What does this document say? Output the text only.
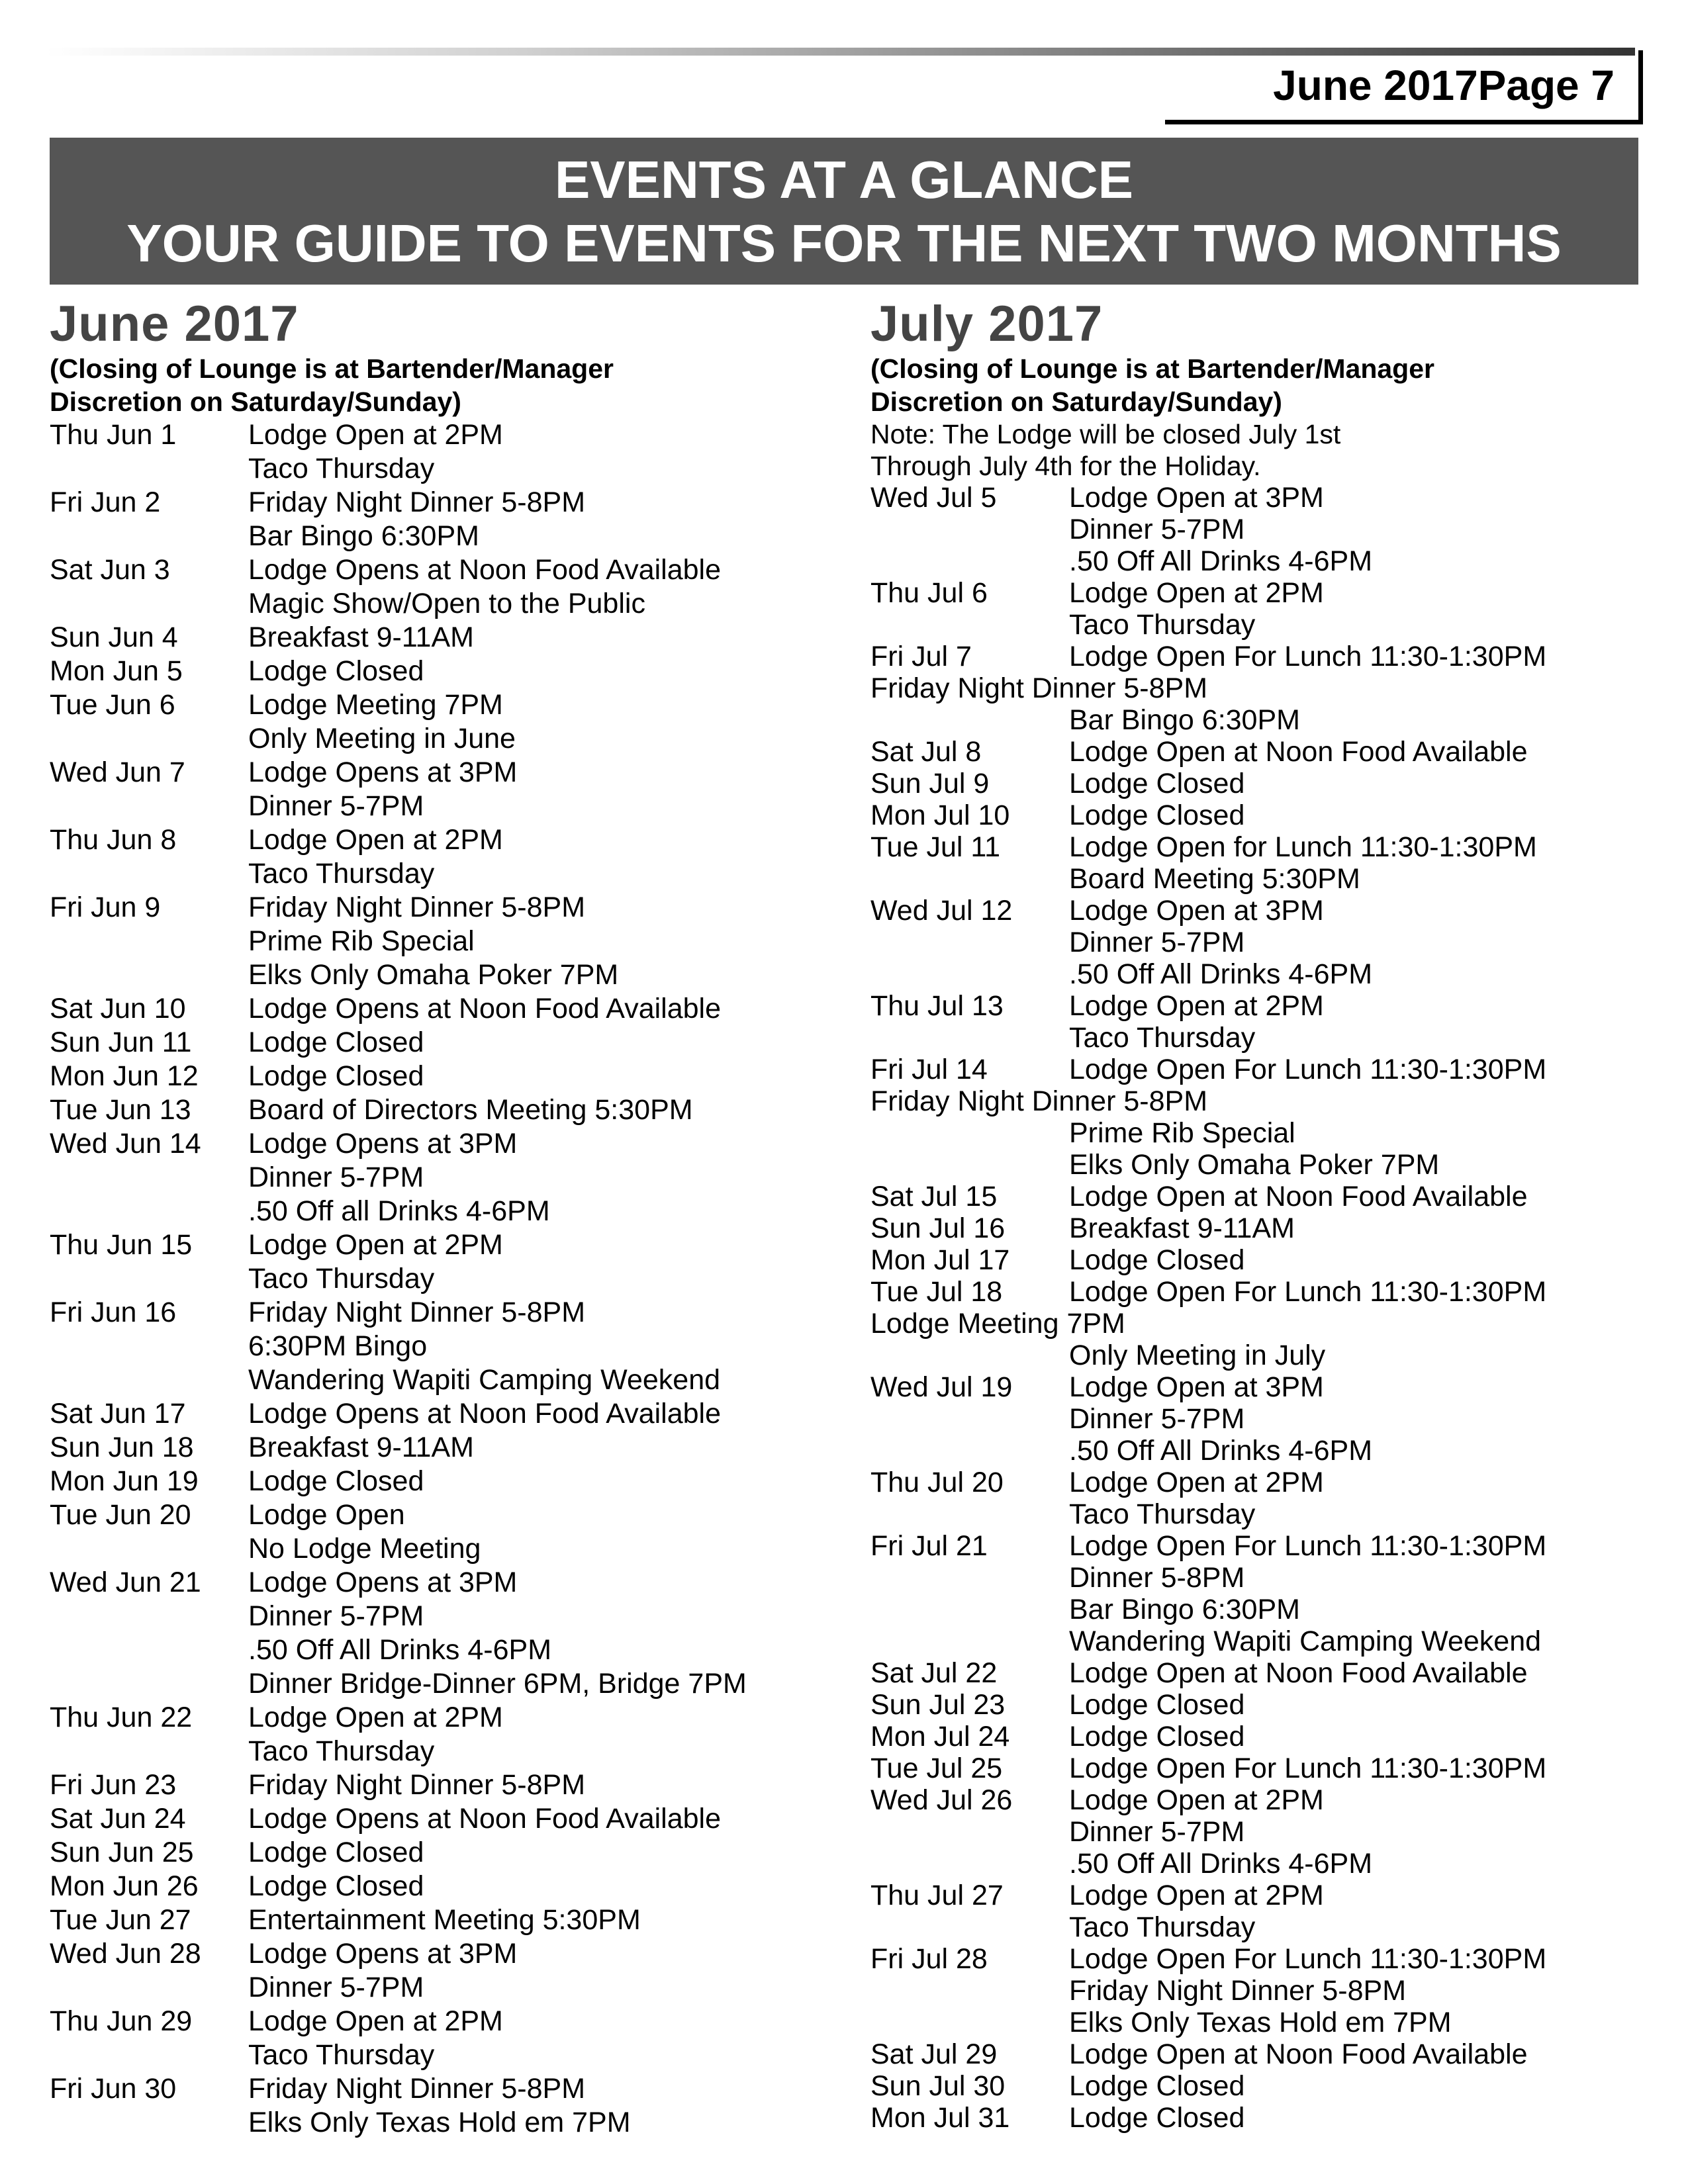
June 2017 Page 7
EVENTS AT A GLANCE
YOUR GUIDE TO EVENTS FOR THE NEXT TWO MONTHS
June 2017
(Closing of Lounge is at Bartender/Manager
Discretion on Saturday/Sunday)
Thu Jun 1	Lodge Open at 2PM
Taco Thursday
Fri Jun 2	Friday Night Dinner 5-8PM
Bar Bingo 6:30PM
Sat Jun 3	Lodge Opens at Noon Food Available
Magic Show/Open to the Public
Sun Jun 4	Breakfast 9-11AM
Mon Jun 5	Lodge Closed
Tue Jun 6	Lodge Meeting 7PM
Only Meeting in June
Wed Jun 7	Lodge Opens at 3PM
Dinner 5-7PM
Thu Jun 8	Lodge Open at 2PM
Taco Thursday
Fri Jun 9	Friday Night Dinner 5-8PM
Prime Rib Special
Elks Only Omaha Poker 7PM
Sat Jun 10	Lodge Opens at Noon Food Available
Sun Jun 11	Lodge Closed
Mon Jun 12	Lodge Closed
Tue Jun 13	Board of Directors Meeting 5:30PM
Wed Jun 14	Lodge Opens at 3PM
Dinner 5-7PM
.50 Off all Drinks 4-6PM
Thu Jun 15	Lodge Open at 2PM
Taco Thursday
Fri Jun 16	Friday Night Dinner 5-8PM
6:30PM Bingo
Wandering Wapiti Camping Weekend
Sat Jun 17	Lodge Opens at Noon Food Available
Sun Jun 18	Breakfast 9-11AM
Mon Jun 19	Lodge Closed
Tue Jun 20	Lodge Open
No Lodge Meeting
Wed Jun 21	Lodge Opens at 3PM
Dinner 5-7PM
.50 Off All Drinks 4-6PM
Dinner Bridge-Dinner 6PM, Bridge 7PM
Thu Jun 22	Lodge Open at 2PM
Taco Thursday
Fri Jun 23	Friday Night Dinner 5-8PM
Sat Jun 24	Lodge Opens at Noon Food Available
Sun Jun 25	Lodge Closed
Mon Jun 26	Lodge Closed
Tue Jun 27	Entertainment Meeting 5:30PM
Wed Jun 28	Lodge Opens at 3PM
Dinner 5-7PM
Thu Jun 29	Lodge Open at 2PM
Taco Thursday
Fri Jun 30	Friday Night Dinner 5-8PM
Elks Only Texas Hold em 7PM
July 2017
(Closing of Lounge is at Bartender/Manager
Discretion on Saturday/Sunday)
Note: The Lodge will be closed July 1st
Through July 4th for the Holiday.
Wed Jul 5	Lodge Open at 3PM
Dinner 5-7PM
.50 Off All Drinks 4-6PM
Thu Jul 6	Lodge Open at 2PM
Taco Thursday
Fri Jul 7	Lodge Open For Lunch 11:30-1:30PM
Friday Night Dinner 5-8PM
Bar Bingo 6:30PM
Sat Jul 8	Lodge Open at Noon Food Available
Sun Jul 9	Lodge Closed
Mon Jul 10	Lodge Closed
Tue Jul 11	Lodge Open for Lunch 11:30-1:30PM
Board Meeting 5:30PM
Wed Jul 12	Lodge Open at 3PM
Dinner 5-7PM
.50 Off All Drinks 4-6PM
Thu Jul 13	Lodge Open at 2PM
Taco Thursday
Fri Jul 14	Lodge Open For Lunch 11:30-1:30PM
Friday Night Dinner 5-8PM
Prime Rib Special
Elks Only Omaha Poker 7PM
Sat Jul 15	Lodge Open at Noon Food Available
Sun Jul 16	Breakfast 9-11AM
Mon Jul 17	Lodge Closed
Tue Jul 18	Lodge Open For Lunch 11:30-1:30PM
Lodge Meeting 7PM
Only Meeting in July
Wed Jul 19	Lodge Open at 3PM
Dinner 5-7PM
.50 Off All Drinks 4-6PM
Thu Jul 20	Lodge Open at 2PM
Taco Thursday
Fri Jul 21	Lodge Open For Lunch 11:30-1:30PM
Dinner 5-8PM
Bar Bingo 6:30PM
Wandering Wapiti Camping Weekend
Sat Jul 22	Lodge Open at Noon Food Available
Sun Jul 23	Lodge Closed
Mon Jul 24	Lodge Closed
Tue Jul 25	Lodge Open For Lunch 11:30-1:30PM
Wed Jul 26	Lodge Open at 2PM
Dinner 5-7PM
.50 Off All Drinks 4-6PM
Thu Jul 27	Lodge Open at 2PM
Taco Thursday
Fri Jul 28	Lodge Open For Lunch 11:30-1:30PM
Friday Night Dinner 5-8PM
Elks Only Texas Hold em 7PM
Sat Jul 29	Lodge Open at Noon Food Available
Sun Jul 30	Lodge Closed
Mon Jul 31	Lodge Closed
